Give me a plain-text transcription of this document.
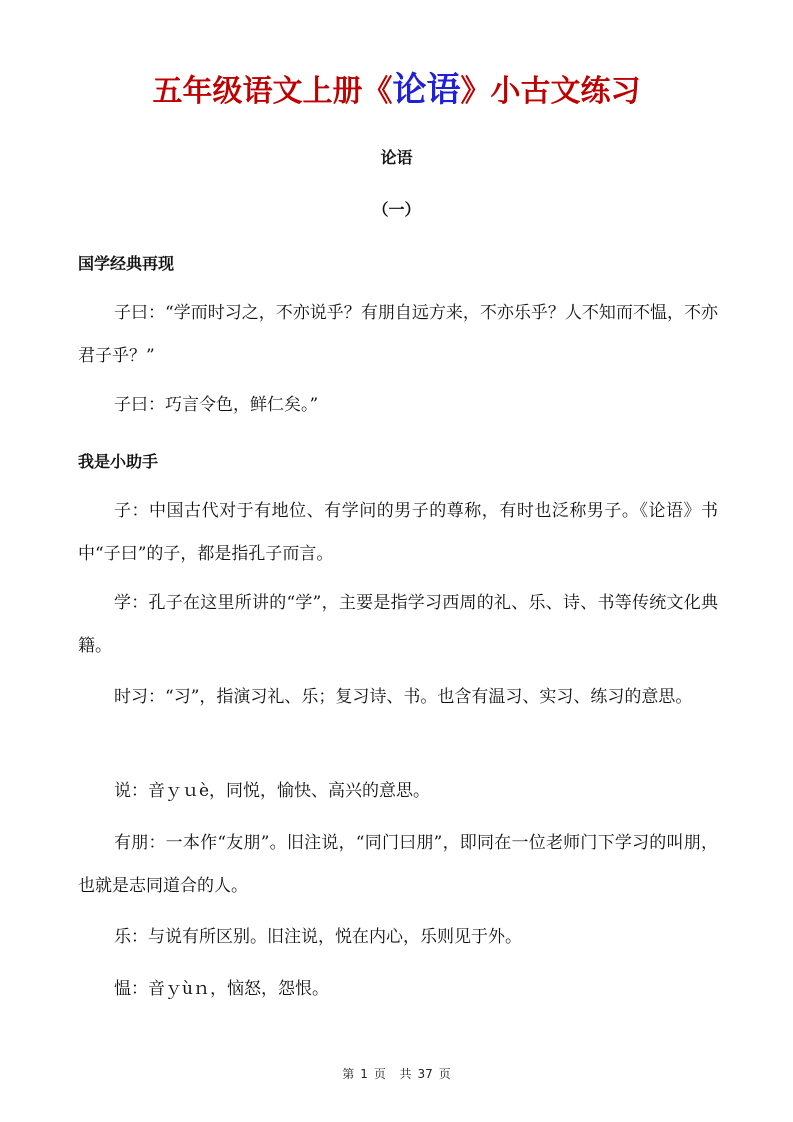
五年级语文上册《论语》小古文练习
论语
（一）
国学经典再现
子曰：“学而时习之，不亦说乎？有朋自远方来，不亦乐乎？人不知而不愠，不亦君子乎？”
子曰：巧言令色，鲜仁矣。”
我是小助手
子：中国古代对于有地位、有学问的男子的尊称，有时也泛称男子。《论语》书中“子曰”的子，都是指孔子而言。
学：孔子在这里所讲的“学”，主要是指学习西周的礼、乐、诗、书等传统文化典籍。
时习：“习”，指演习礼、乐；复习诗、书。也含有温习、实习、练习的意思。
说：音ｙｕè，同悦，愉快、高兴的意思。
有朋：一本作“友朋”。旧注说，“同门曰朋”，即同在一位老师门下学习的叫朋，也就是志同道合的人。
乐：与说有所区别。旧注说，悦在内心，乐则见于外。
愠：音ｙùｎ，恼怒，怨恨。
第 1 页 共 37 页
